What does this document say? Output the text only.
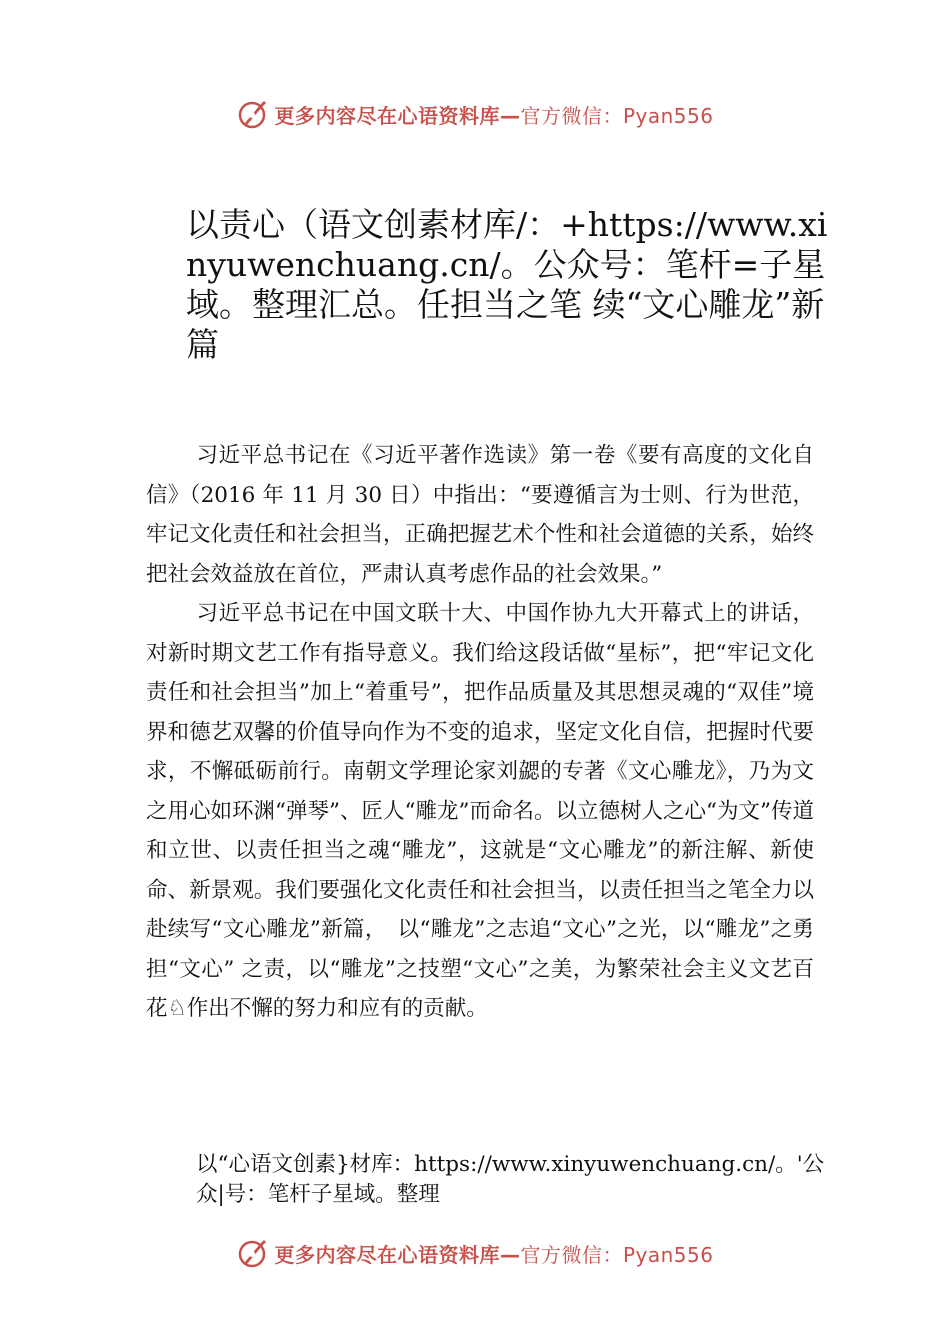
更多内容尽在心语资料库—官方微信：Pyan556
以责心（语文创素材库/：+https://www.xinyuwenchuang.cn/。公众号：笔杆=子星域。整理汇总。任担当之笔 续“文心雕龙”新篇

习近平总书记在《习近平著作选读》第一卷《要有高度的文化自信》（2016 年 11 月 30 日）中指出：“要遵循言为士则、行为世范，牢记文化责任和社会担当，正确把握艺术个性和社会道德的关系，始终把社会效益放在首位，严肃认真考虑作品的社会效果。”

习近平总书记在中国文联十大、中国作协九大开幕式上的讲话，对新时期文艺工作有指导意义。我们给这段话做“星标”，把“牢记文化责任和社会担当”加上“着重号”，把作品质量及其思想灵魂的“双佳”境界和德艺双馨的价值导向作为不变的追求，坚定文化自信，把握时代要求，不懈砥砺前行。南朝文学理论家刘勰的专著《文心雕龙》，乃为文之用心如环渊“弹琴”、匠人“雕龙”而命名。以立德树人之心“为文”传道和立世、以责任担当之魂“雕龙”，这就是“文心雕龙”的新注解、新使命、新景观。我们要强化文化责任和社会担当，以责任担当之笔全力以赴续写“文心雕龙”新篇，　以“雕龙”之志追“文心”之光，以“雕龙”之勇担“文心” 之责，以“雕龙”之技塑“文心”之美，为繁荣社会主义文艺百花♘作出不懈的努力和应有的贡献。

以“心语文创素}材库：https://www.xinyuwenchuang.cn/。'公众|号：笔杆子星域。整理
更多内容尽在心语资料库—官方微信：Pyan556
